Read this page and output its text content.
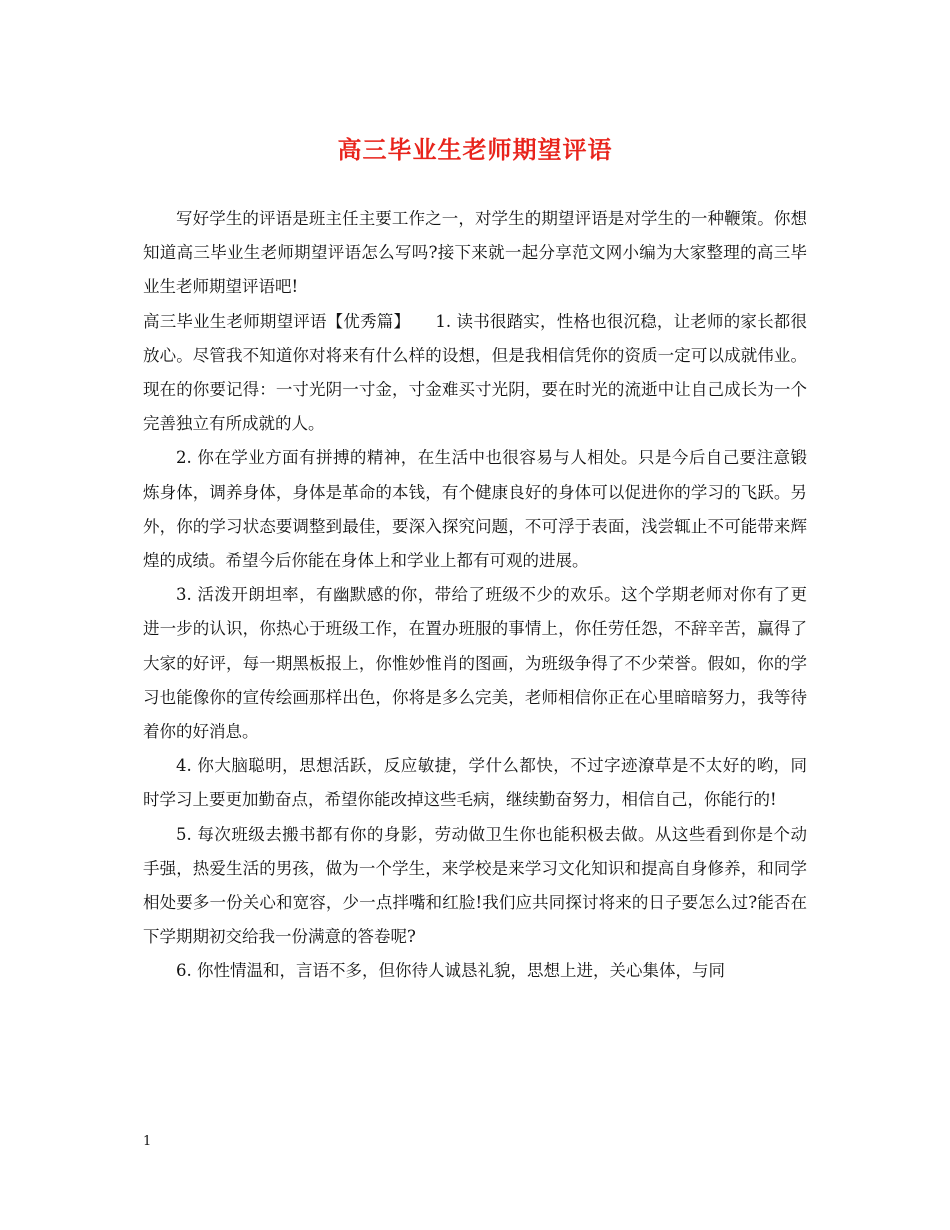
高三毕业生老师期望评语

写好学生的评语是班主任主要工作之一，对学生的期望评语是对学生的一种鞭策。你想知道高三毕业生老师期望评语怎么写吗?接下来就一起分享范文网小编为大家整理的高三毕业生老师期望评语吧!

高三毕业生老师期望评语【优秀篇】　　1. 读书很踏实，性格也很沉稳，让老师的家长都很放心。尽管我不知道你对将来有什么样的设想，但是我相信凭你的资质一定可以成就伟业。现在的你要记得：一寸光阴一寸金，寸金难买寸光阴，要在时光的流逝中让自己成长为一个完善独立有所成就的人。

2. 你在学业方面有拼搏的精神，在生活中也很容易与人相处。只是今后自己要注意锻炼身体，调养身体，身体是革命的本钱，有个健康良好的身体可以促进你的学习的飞跃。另外，你的学习状态要调整到最佳，要深入探究问题，不可浮于表面，浅尝辄止不可能带来辉煌的成绩。希望今后你能在身体上和学业上都有可观的进展。

3. 活泼开朗坦率，有幽默感的你，带给了班级不少的欢乐。这个学期老师对你有了更进一步的认识，你热心于班级工作，在置办班服的事情上，你任劳任怨，不辞辛苦，赢得了大家的好评，每一期黑板报上，你惟妙惟肖的图画，为班级争得了不少荣誉。假如，你的学习也能像你的宣传绘画那样出色，你将是多么完美，老师相信你正在心里暗暗努力，我等待着你的好消息。

4. 你大脑聪明，思想活跃，反应敏捷，学什么都快，不过字迹潦草是不太好的哟，同时学习上要更加勤奋点，希望你能改掉这些毛病，继续勤奋努力，相信自己，你能行的!

5. 每次班级去搬书都有你的身影，劳动做卫生你也能积极去做。从这些看到你是个动手强，热爱生活的男孩，做为一个学生，来学校是来学习文化知识和提高自身修养，和同学相处要多一份关心和宽容，少一点拌嘴和红脸!我们应共同探讨将来的日子要怎么过?能否在下学期期初交给我一份满意的答卷呢?

6. 你性情温和，言语不多，但你待人诚恳礼貌，思想上进，关心集体，与同

1
